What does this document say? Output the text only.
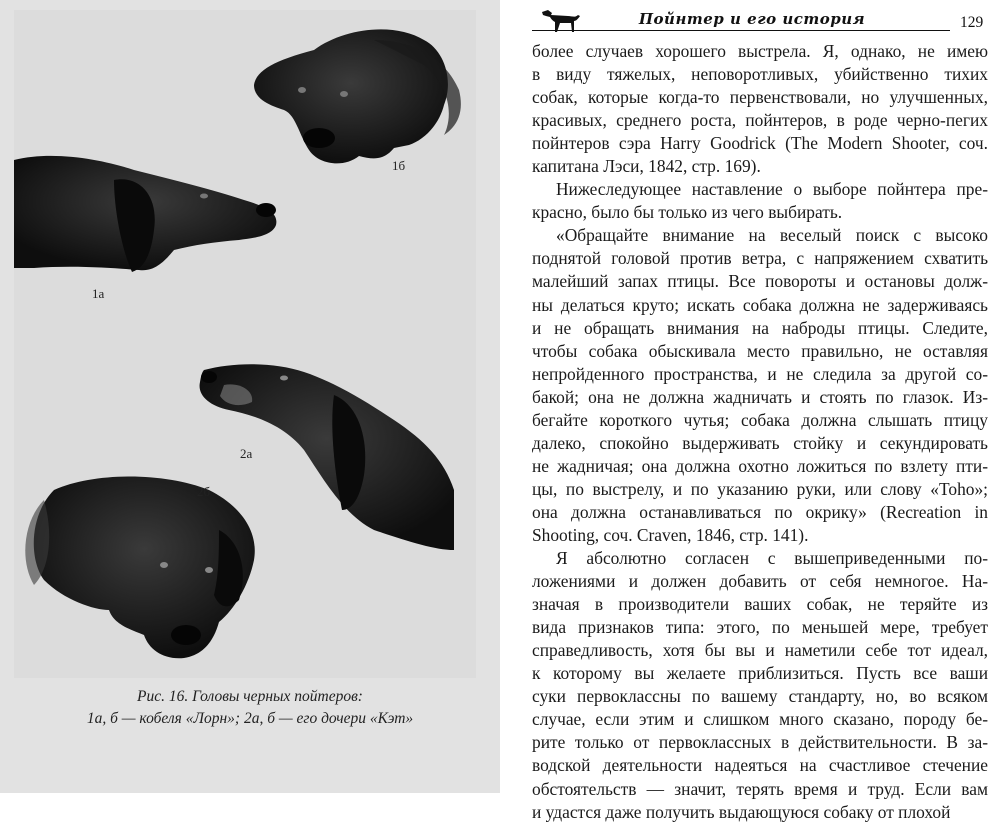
1б
1а
2а
2б
Рис. 16. Головы черных пойтеров:
1а, б — кобеля «Лорн»; 2а, б — его дочери «Кэт»
Пойнтер и его история	129
более случаев хорошего выстрела. Я, однако, не имею
в виду тяжелых, неповоротливых, убийственно тихих
собак, которые когда-то первенствовали, но улучшенных,
красивых, среднего роста, пойнтеров, в роде черно-пегих
пойнтеров сэра Harry Goodrick (The Modern Shooter, соч.
капитана Лэси, 1842, стр. 169).
Нижеследующее наставление о выборе пойнтера пре-
красно, было бы только из чего выбирать.
«Обращайте внимание на веселый поиск с высоко
поднятой головой против ветра, с напряжением схватить
малейший запах птицы. Все повороты и остановы долж-
ны делаться круто; искать собака должна не задерживаясь
и не обращать внимания на наброды птицы. Следите,
чтобы собака обыскивала место правильно, не оставляя
непройденного пространства, и не следила за другой со-
бакой; она не должна жадничать и стоять по глазок. Из-
бегайте короткого чутья; собака должна слышать птицу
далеко, спокойно выдерживать стойку и секундировать
не жадничая; она должна охотно ложиться по взлету пти-
цы, по выстрелу, и по указанию руки, или слову «Toho»;
она должна останавливаться по окрику» (Recreation in
Shooting, соч. Craven, 1846, стр. 141).
Я абсолютно согласен с вышеприведенными по-
ложениями и должен добавить от себя немногое. На-
значая в производители ваших собак, не теряйте из
вида признаков типа: этого, по меньшей мере, требует
справедливость, хотя бы вы и наметили себе тот идеал,
к которому вы желаете приблизиться. Пусть все ваши
суки первоклассны по вашему стандарту, но, во всяком
случае, если этим и слишком много сказано, породу бе-
рите только от первоклассных в действительности. В за-
водской деятельности надеяться на счастливое стечение
обстоятельств — значит, терять время и труд. Если вам
и удастся даже получить выдающуюся собаку от плохой
